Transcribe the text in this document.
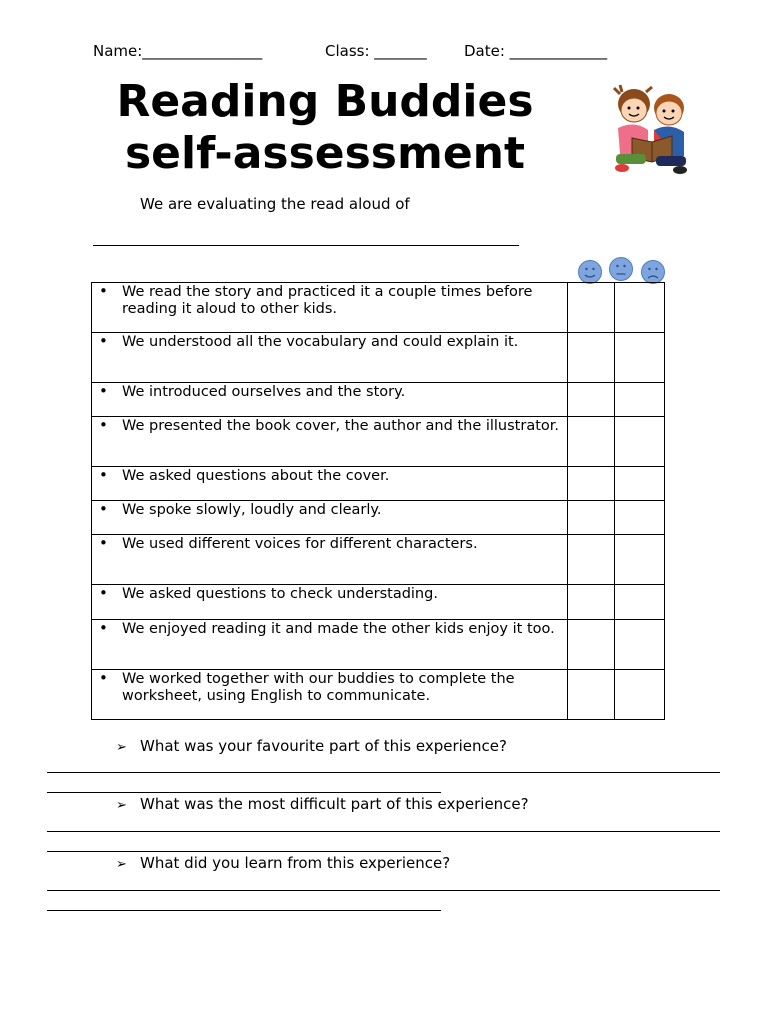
Name:________________	Class: _______ Date: _____________
Reading Buddies
self-assessment
We are evaluating the read aloud of
• We read the story and practiced it a couple times before reading it aloud to other kids.		

• We understood all the vocabulary and could explain it.		

• We introduced ourselves and the story.		

• We presented the book cover, the author and the illustrator.		

• We asked questions about the cover.		

• We spoke slowly, loudly and clearly.		

• We used different voices for different characters.		

• We asked questions to check understading.		

• We enjoyed reading it and made the other kids enjoy it too.		

• We worked together with our buddies to complete the worksheet, using English to communicate.		
➢ What was your favourite part of this experience?
➢ What was the most difficult part of this experience?
➢ What did you learn from this experience?
